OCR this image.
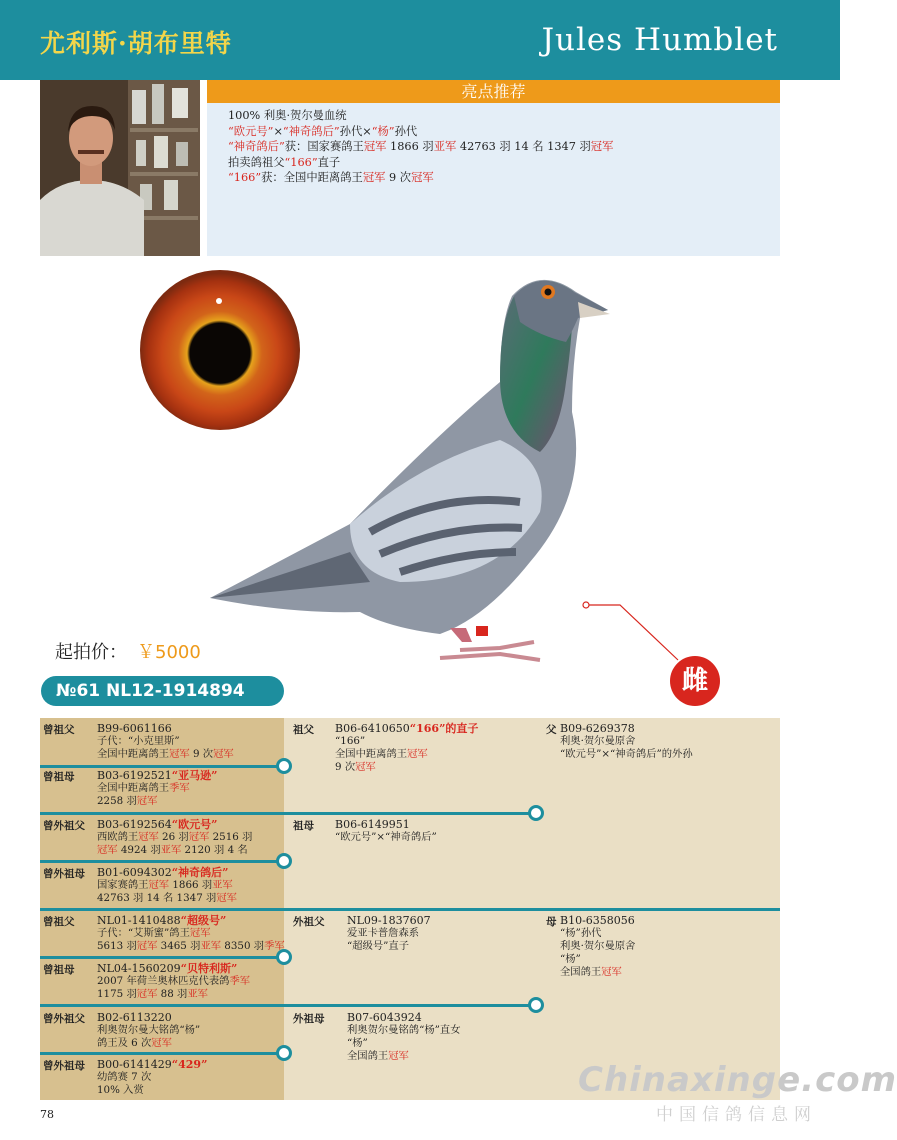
尤利斯·胡布里特	Jules Humblet
亮点推荐
100% 利奥·贺尔曼血统
“欧元号”×“神奇鸽后”孙代×“杨”孙代
“神奇鸽后”获：国家赛鸽王冠军 1866 羽亚军 42763 羽 14 名 1347 羽冠军
拍卖鸽祖父“166”直子
“166”获：全国中距离鸽王冠军 9 次冠军
雌
起拍价： ￥5000
№61 NL12-1914894
曾祖父 B99-6061166
子代：“小克里斯”
全国中距离鸽王冠军 9 次冠军
曾祖母 B03-6192521“亚马逊”
全国中距离鸽王季军
2258 羽冠军
曾外祖父 B03-6192564“欧元号”
西欧鸽王冠军 26 羽冠军 2516 羽
冠军 4924 羽亚军 2120 羽 4 名
曾外祖母 B01-6094302“神奇鸽后”
国家赛鸽王冠军 1866 羽亚军
42763 羽 14 名 1347 羽冠军
曾祖父 NL01-1410488“超级号”
子代：“艾斯蜜”鸽王冠军
5613 羽冠军 3465 羽亚军 8350 羽季军
曾祖母 NL04-1560209“贝特利斯”
2007 年荷兰奥林匹克代表鸽季军
1175 羽冠军 88 羽亚军
曾外祖父 B02-6113220
利奥贺尔曼大铭鸽“杨”
鸽王及 6 次冠军
曾外祖母 B00-6141429“429”
幼鸽赛 7 次
10% 入赏
祖父 B06-6410650“166”的直子
“166”
全国中距离鸽王冠军
9 次冠军
祖母 B06-6149951
“欧元号”×“神奇鸽后”
外祖父 NL09-1837607
爱亚卡普詹森系
“超级号”直子
外祖母 B07-6043924
利奥贺尔曼铭鸽“杨”直女
“杨”
全国鸽王冠军
父 B09-6269378
利奥·贺尔曼原舍
“欧元号”×“神奇鸽后”的外孙
母 B10-6358056
“杨”孙代
利奥·贺尔曼原舍
“杨”
全国鸽王冠军
78
Chinaxinge.com
中国信鸽信息网
